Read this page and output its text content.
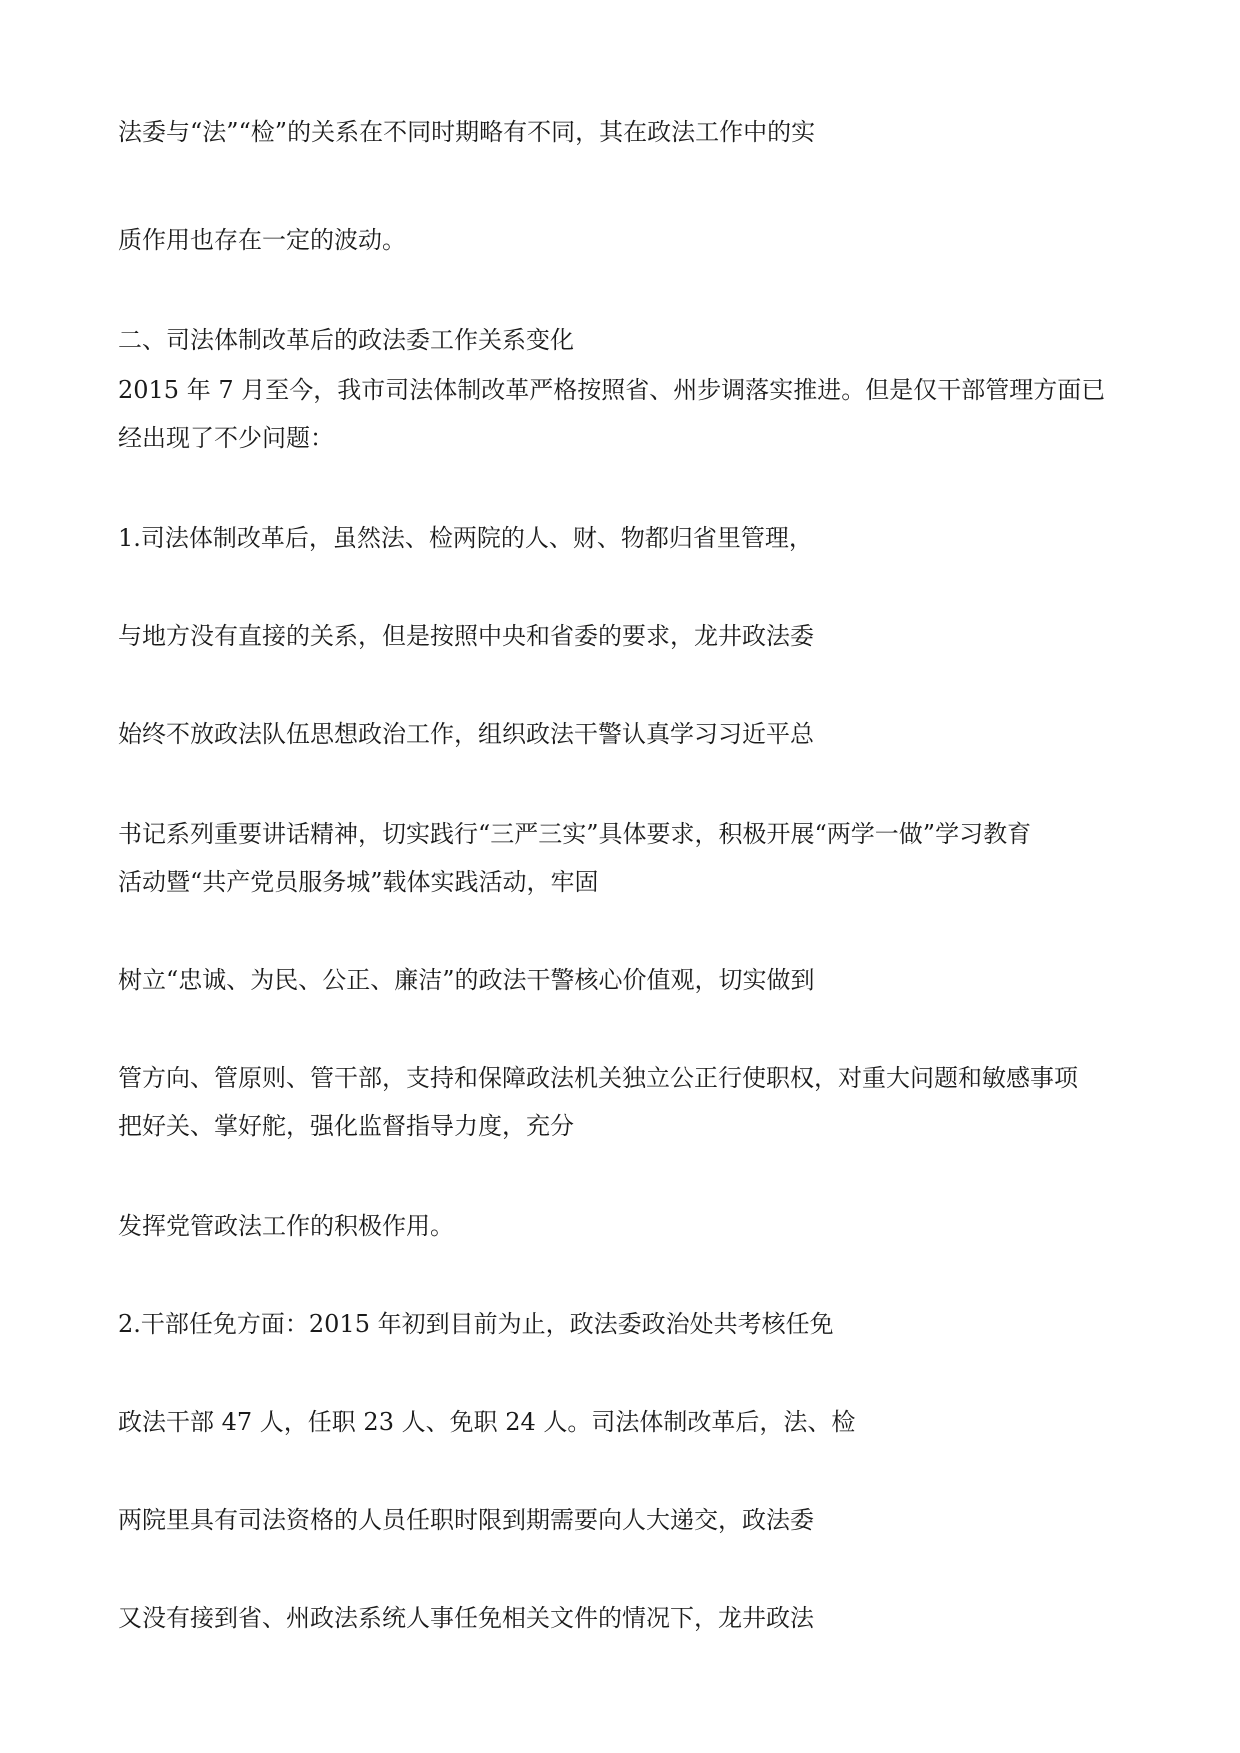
法委与“法”“检”的关系在不同时期略有不同，其在政法工作中的实

质作用也存在一定的波动。

二、司法体制改革后的政法委工作关系变化

2015 年 7 月至今，我市司法体制改革严格按照省、州步调落实推进。但是仅干部管理方面已

经出现了不少问题：

1.司法体制改革后，虽然法、检两院的人、财、物都归省里管理，

与地方没有直接的关系，但是按照中央和省委的要求，龙井政法委

始终不放政法队伍思想政治工作，组织政法干警认真学习习近平总

书记系列重要讲话精神，切实践行“三严三实”具体要求，积极开展“两学一做”学习教育

活动暨“共产党员服务城”载体实践活动，牢固

树立“忠诚、为民、公正、廉洁”的政法干警核心价值观，切实做到

管方向、管原则、管干部，支持和保障政法机关独立公正行使职权，对重大问题和敏感事项

把好关、掌好舵，强化监督指导力度，充分

发挥党管政法工作的积极作用。

2.干部任免方面：2015 年初到目前为止，政法委政治处共考核任免

政法干部 47 人，任职 23 人、免职 24 人。司法体制改革后，法、检

两院里具有司法资格的人员任职时限到期需要向人大递交，政法委

又没有接到省、州政法系统人事任免相关文件的情况下，龙井政法
